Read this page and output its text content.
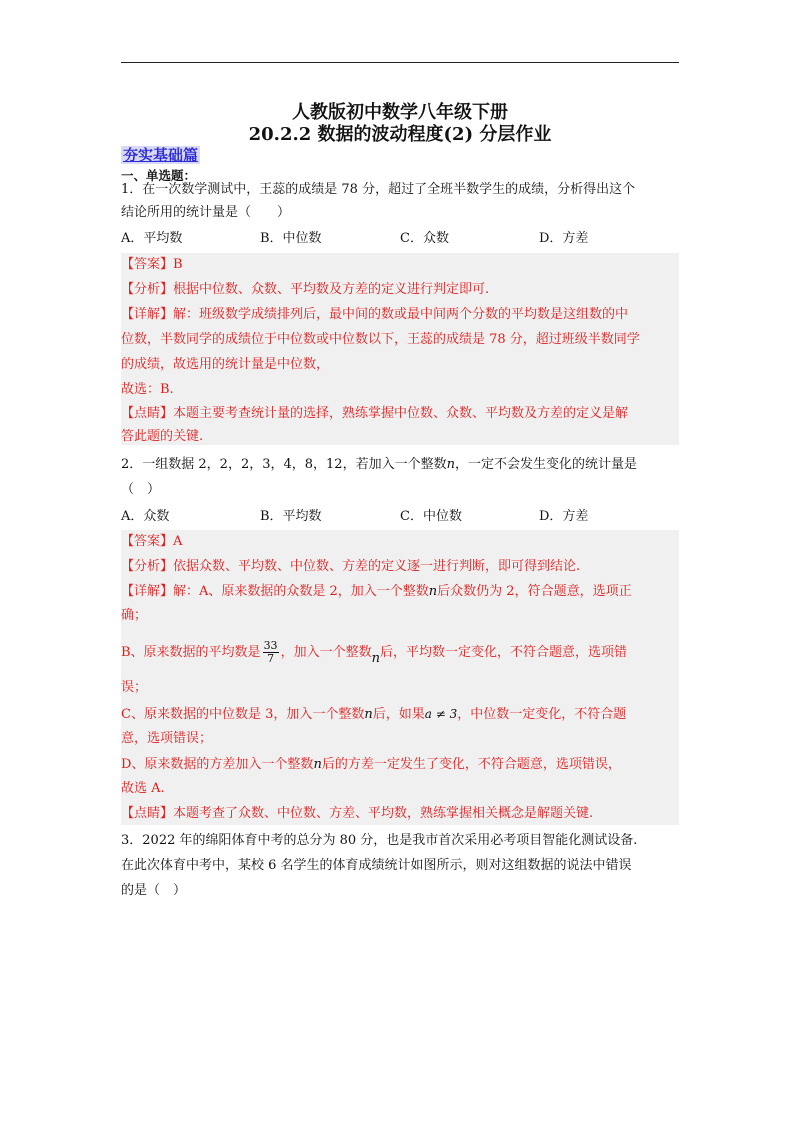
人教版初中数学八年级下册
20.2.2 数据的波动程度(2) 分层作业
夯实基础篇
一、单选题：
1．在一次数学测试中，王蕊的成绩是 78 分，超过了全班半数学生的成绩，分析得出这个
结论所用的统计量是（　　）
A．平均数	B．中位数	C．众数	D．方差
【答案】B
【分析】根据中位数、众数、平均数及方差的定义进行判定即可.
【详解】解：班级数学成绩排列后，最中间的数或最中间两个分数的平均数是这组数的中
位数，半数同学的成绩位于中位数或中位数以下，王蕊的成绩是 78 分，超过班级半数同学
的成绩，故选用的统计量是中位数，
故选：B.
【点睛】本题主要考查统计量的选择，熟练掌握中位数、众数、平均数及方差的定义是解
答此题的关键.
2．一组数据 2，2，2，3，4，8，12，若加入一个整数n，一定不会发生变化的统计量是
（　）
A．众数	B．平均数	C．中位数	D．方差
【答案】A
【分析】依据众数、平均数、中位数、方差的定义逐一进行判断，即可得到结论.
【详解】解：A、原来数据的众数是 2，加入一个整数n后众数仍为 2，符合题意，选项正
确；
B、原来数据的平均数是 $\frac{33}{7}$ ，加入一个整数n后，平均数一定变化，不符合题意，选项错
误；
C、原来数据的中位数是 3，加入一个整数n后，如果a ≠ 3，中位数一定变化，不符合题
意，选项错误；
D、原来数据的方差加入一个整数n后的方差一定发生了变化，不符合题意，选项错误，
故选 A.
【点睛】本题考查了众数、中位数、方差、平均数，熟练掌握相关概念是解题关键.
3．2022 年的绵阳体育中考的总分为 80 分，也是我市首次采用必考项目智能化测试设备.
在此次体育中考中，某校 6 名学生的体育成绩统计如图所示，则对这组数据的说法中错误
的是（　）
